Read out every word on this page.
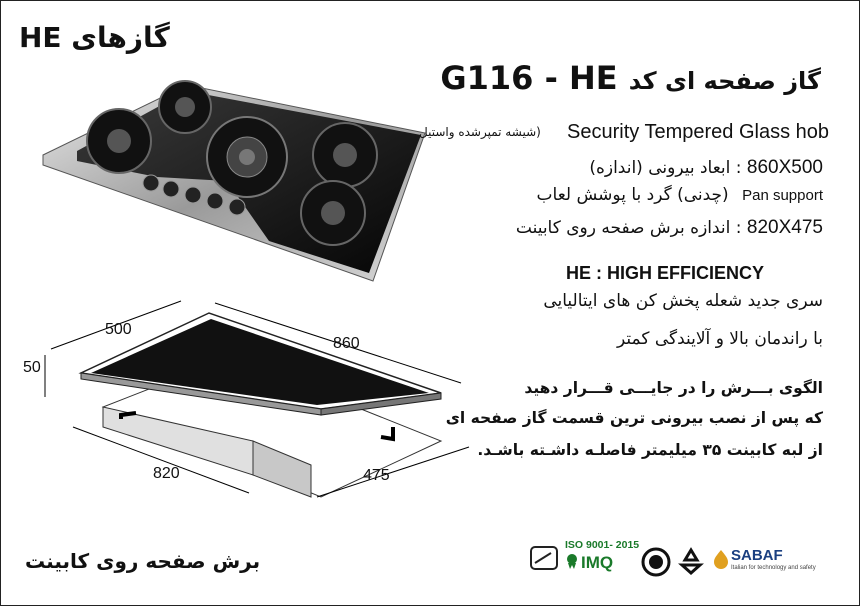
گازهای HE
G116 - HE گاز صفحه ای کد
Security Tempered Glass hob
(شیشه تمپرشده واستیل
: ابعاد بیرونی (اندازه) 860X500
(چدنی) گرد با پوشش لعاب Pan support
: اندازه برش صفحه روی کابینت 820X475
HE : HIGH EFFICIENCY
سری جدید شعله پخش کن های ایتالیایی
با راندمان بالا و آلایندگی کمتر
الگوی بـــرش را در جایـــی قـــرار دهید
که پس از نصب بیرونی ترین قسمت گاز صفحه ای
از لبه کابینت ۳۵ میلیمتر فاصلـه داشـته باشـد.
500
860
50
820	475
برش صفحه روی کابینت
ISO 9001- 2015
IMQ	SABAF
Italian for technology and safety
